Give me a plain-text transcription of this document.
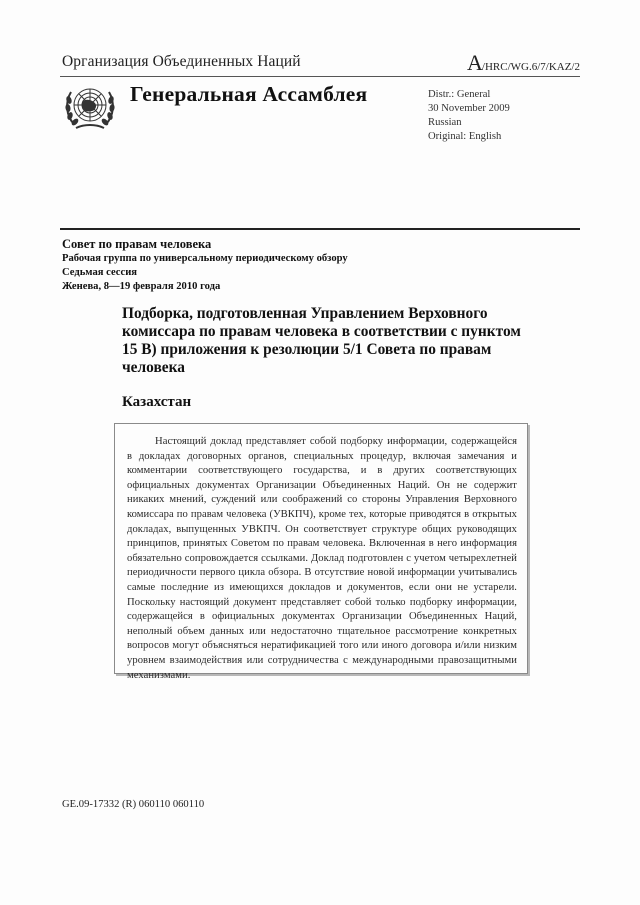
Организация Объединенных Наций	A/HRC/WG.6/7/KAZ/2
Генеральная Ассамблея	Distr.: General
30 November 2009
Russian
Original: English
Совет по правам человека
Рабочая группа по универсальному периодическому обзору
Седьмая сессия
Женева, 8—19 февраля 2010 года
Подборка, подготовленная Управлением Верховного комиссара по правам человека в соответствии с пунктом 15 B) приложения к резолюции 5/1 Совета по правам человека
Казахстан
Настоящий доклад представляет собой подборку информации, содержащейся в докладах договорных органов, специальных процедур, включая замечания и комментарии соответствующего государства, и в других соответствующих официальных документах Организации Объединенных Наций. Он не содержит никаких мнений, суждений или соображений со стороны Управления Верховного комиссара по правам человека (УВКПЧ), кроме тех, которые приводятся в открытых докладах, выпущенных УВКПЧ. Он соответствует структуре общих руководящих принципов, принятых Советом по правам человека. Включенная в него информация обязательно сопровождается ссылками. Доклад подготовлен с учетом четырехлетней периодичности первого цикла обзора. В отсутствие новой информации учитывались самые последние из имеющихся докладов и документов, если они не устарели. Поскольку настоящий документ представляет собой только подборку информации, содержащейся в официальных документах Организации Объединенных Наций, неполный объем данных или недостаточно тщательное рассмотрение конкретных вопросов могут объясняться нератификацией того или иного договора и/или низким уровнем взаимодействия или сотрудничества с международными правозащитными механизмами.
GE.09-17332 (R) 060110 060110
